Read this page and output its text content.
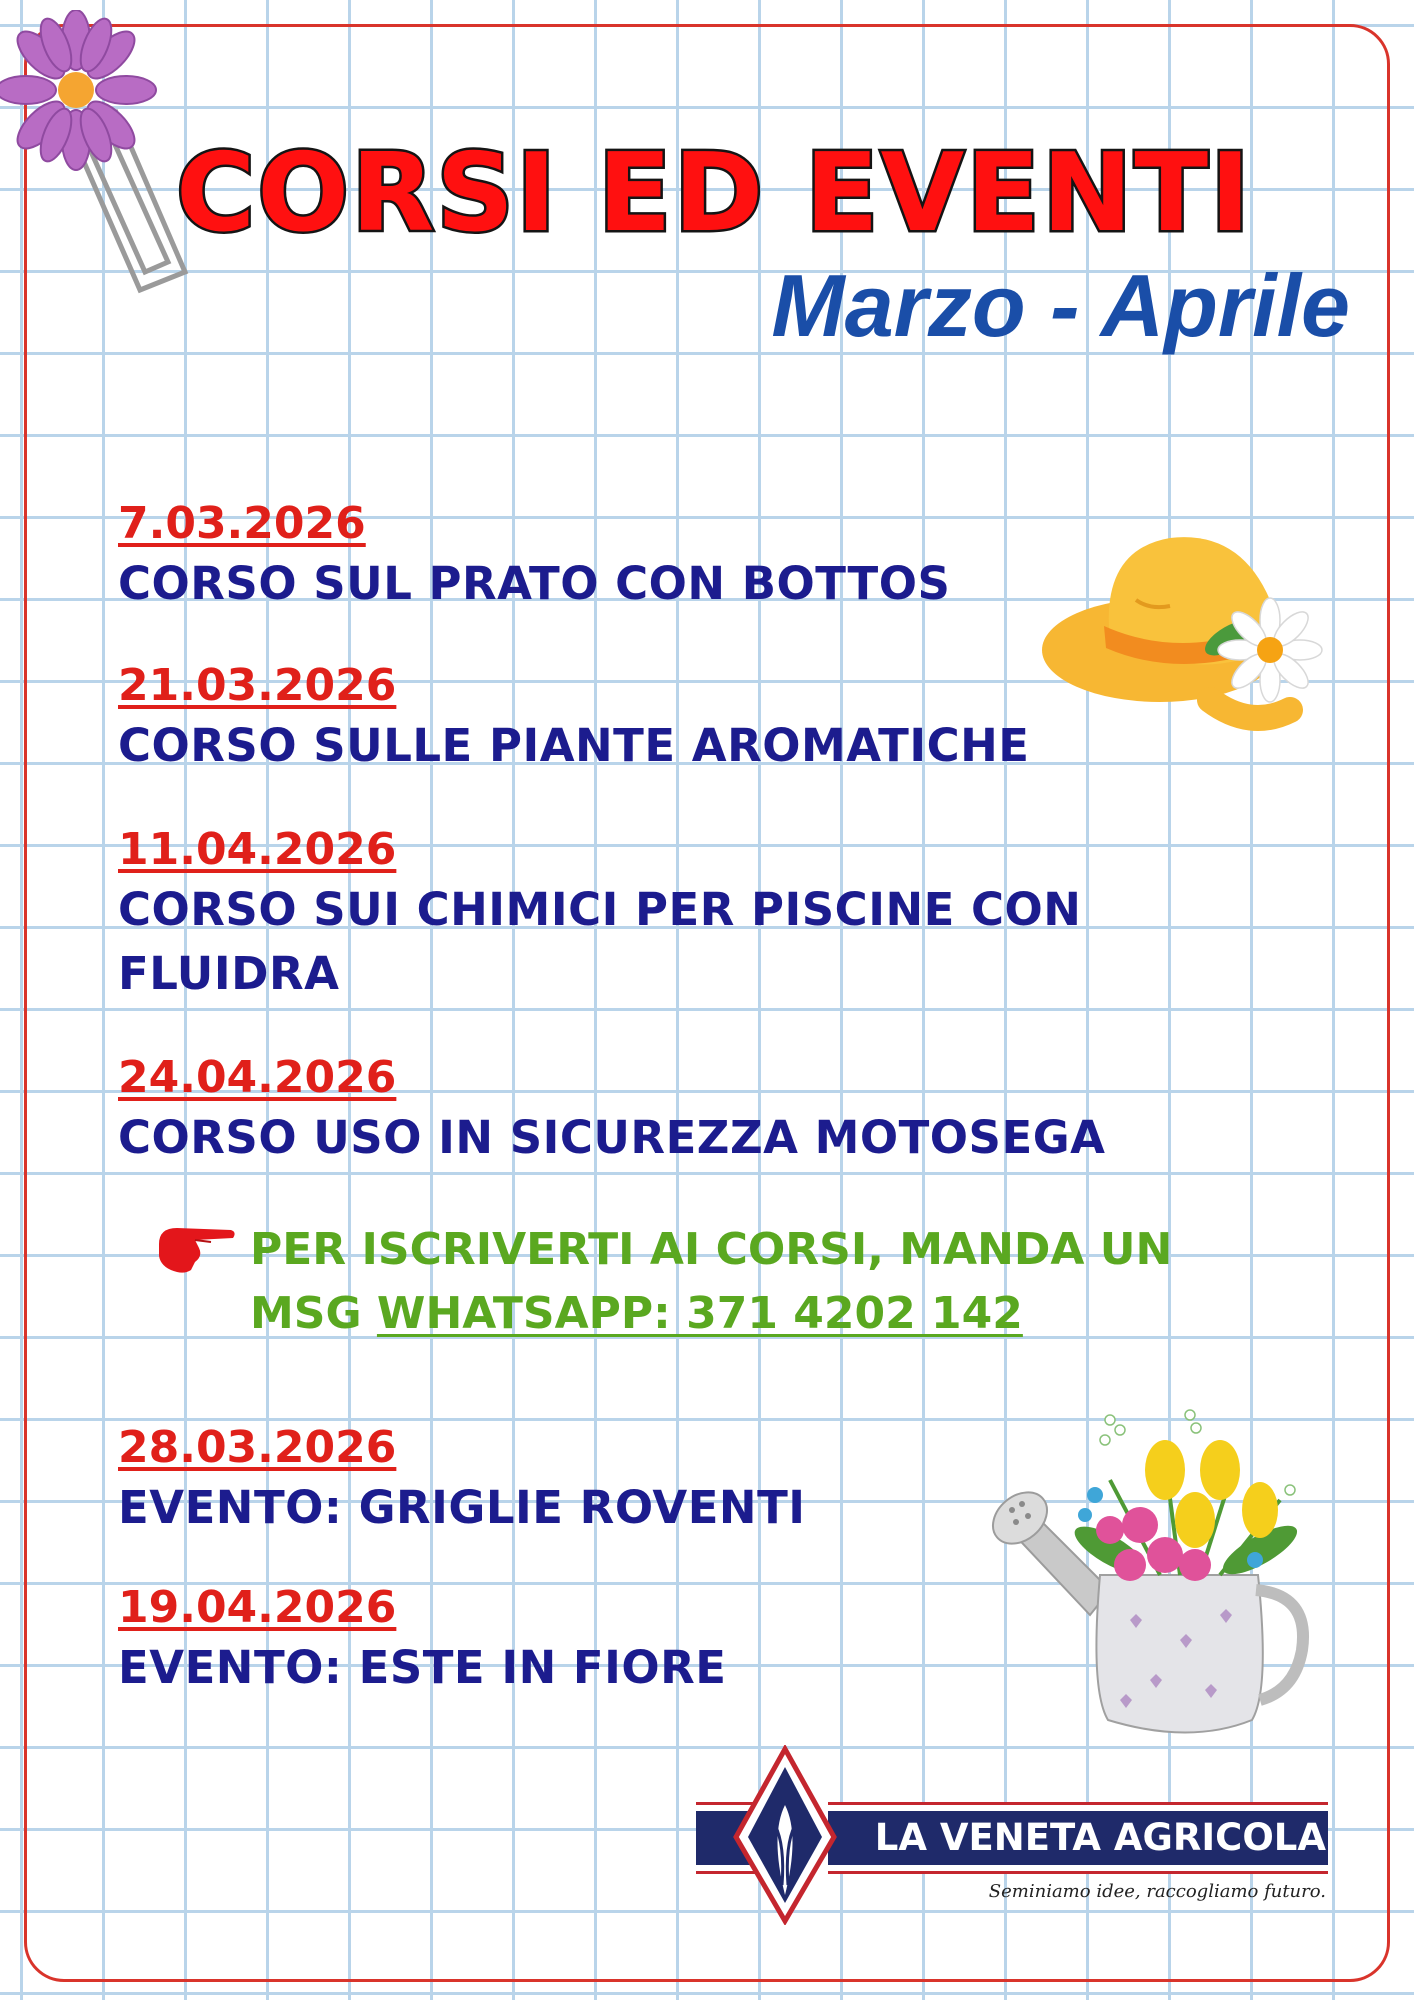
CORSI ED EVENTI
Marzo - Aprile
7.03.2026
CORSO SUL PRATO CON BOTTOS
21.03.2026
CORSO SULLE PIANTE AROMATICHE
11.04.2026
CORSO SUI CHIMICI PER PISCINE CON FLUIDRA
24.04.2026
CORSO USO IN SICUREZZA MOTOSEGA
PER ISCRIVERTI AI CORSI, MANDA UN MSG WHATSAPP: 371 4202 142
28.03.2026
EVENTO: GRIGLIE ROVENTI
19.04.2026
EVENTO: ESTE IN FIORE
LA VENETA AGRICOLA
Seminiamo idee, raccogliamo futuro.
